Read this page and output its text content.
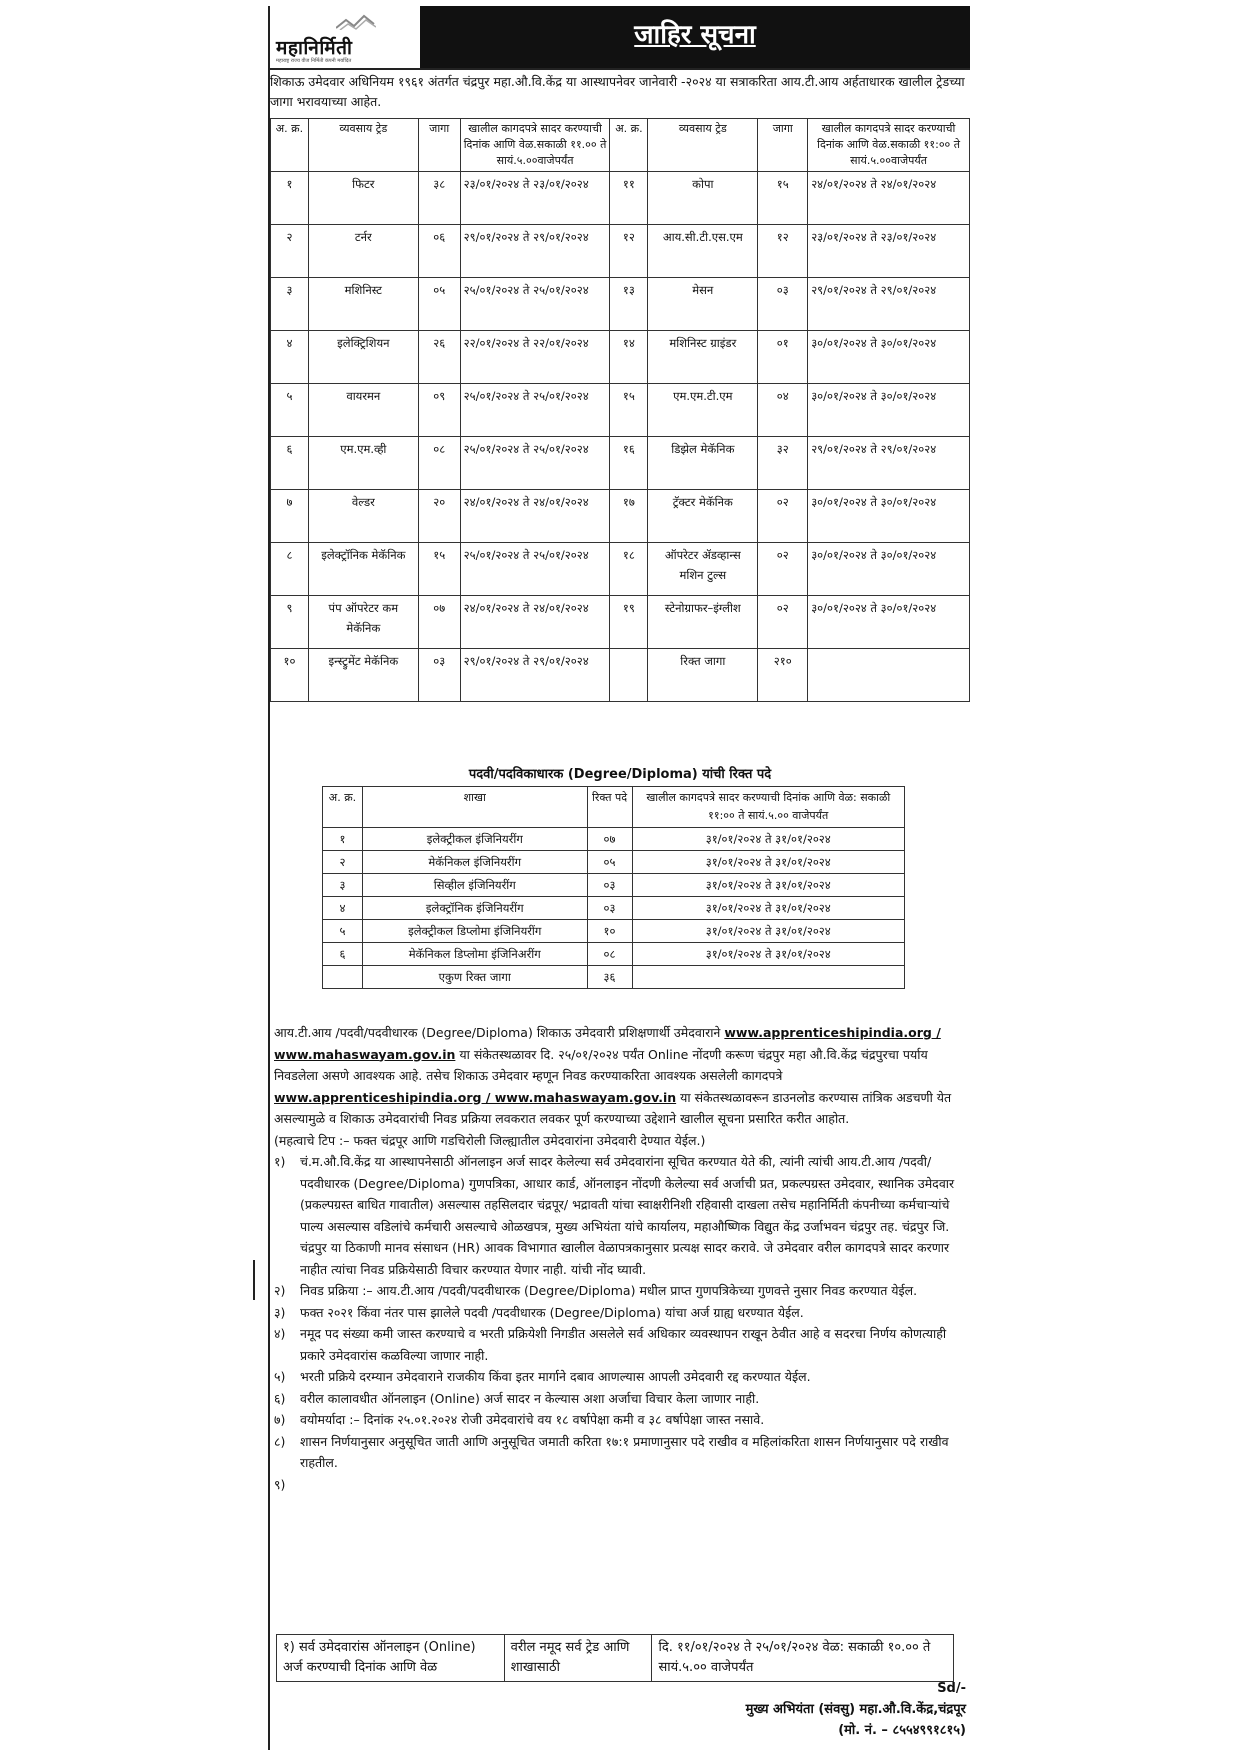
महानिर्मिती
महाराष्ट्र राज्य वीज निर्मिती कंपनी मर्यादित
जाहिर सूचना
शिकाऊ उमेदवार अधिनियम १९६१ अंतर्गत चंद्रपुर महा.औ.वि.केंद्र या आस्थापनेवर जानेवारी -२०२४ या सत्राकरिता आय.टी.आय अर्हताधारक खालील ट्रेडच्या जागा भरावयाच्या आहेत.
अ. क्र.	व्यवसाय ट्रेड	जागा	खालील कागदपत्रे सादर करण्याची दिनांक आणि वेळ.सकाळी ११.०० ते सायं.५.००वाजेपर्यंत	अ. क्र.	व्यवसाय ट्रेड	जागा	खालील कागदपत्रे सादर करण्याची दिनांक आणि वेळ.सकाळी ११:०० ते सायं.५.००वाजेपर्यंत
१	फिटर	३८	२३/०१/२०२४ ते २३/०१/२०२४	११	कोपा	१५	२४/०१/२०२४ ते २४/०१/२०२४
२	टर्नर	०६	२९/०१/२०२४ ते २९/०१/२०२४	१२	आय.सी.टी.एस.एम	१२	२३/०१/२०२४ ते २३/०१/२०२४
३	मशिनिस्ट	०५	२५/०१/२०२४ ते २५/०१/२०२४	१३	मेसन	०३	२९/०१/२०२४ ते २९/०१/२०२४
४	इलेक्ट्रिशियन	२६	२२/०१/२०२४ ते २२/०१/२०२४	१४	मशिनिस्ट ग्राइंडर	०१	३०/०१/२०२४ ते ३०/०१/२०२४
५	वायरमन	०९	२५/०१/२०२४ ते २५/०१/२०२४	१५	एम.एम.टी.एम	०४	३०/०१/२०२४ ते ३०/०१/२०२४
६	एम.एम.व्ही	०८	२५/०१/२०२४ ते २५/०१/२०२४	१६	डिझेल मेकॅनिक	३२	२९/०१/२०२४ ते २९/०१/२०२४
७	वेल्डर	२०	२४/०१/२०२४ ते २४/०१/२०२४	१७	ट्रॅक्टर मेकॅनिक	०२	३०/०१/२०२४ ते ३०/०१/२०२४
८	इलेक्ट्रॉनिक मेकॅनिक	१५	२५/०१/२०२४ ते २५/०१/२०२४	१८	ऑपरेटर ॲडव्हान्स मशिन टुल्स	०२	३०/०१/२०२४ ते ३०/०१/२०२४
९	पंप ऑपरेटर कम मेकॅनिक	०७	२४/०१/२०२४ ते २४/०१/२०२४	१९	स्टेनोग्राफर–इंग्लीश	०२	३०/०१/२०२४ ते ३०/०१/२०२४
१०	इन्स्ट्रुमेंट मेकॅनिक	०३	२९/०१/२०२४ ते २९/०१/२०२४		रिक्त जागा	२१०	
पदवी/पदविकाधारक (Degree/Diploma) यांची रिक्त पदे
अ. क्र.	शाखा	रिक्त पदे	खालील कागदपत्रे सादर करण्याची दिनांक आणि वेळ: सकाळी ११:०० ते सायं.५.०० वाजेपर्यंत
१	इलेक्ट्रीकल इंजिनियरींग	०७	३१/०१/२०२४ ते ३१/०१/२०२४
२	मेकॅनिकल इंजिनियरींग	०५	३१/०१/२०२४ ते ३१/०१/२०२४
३	सिव्हील इंजिनियरींग	०३	३१/०१/२०२४ ते ३१/०१/२०२४
४	इलेक्ट्रॉनिक इंजिनियरींग	०३	३१/०१/२०२४ ते ३१/०१/२०२४
५	इलेक्ट्रीकल डिप्लोमा इंजिनियरींग	१०	३१/०१/२०२४ ते ३१/०१/२०२४
६	मेकॅनिकल डिप्लोमा इंजिनिअरींग	०८	३१/०१/२०२४ ते ३१/०१/२०२४
	एकुण रिक्त जागा	३६	

आय.टी.आय /पदवी/पदवीधारक (Degree/Diploma) शिकाऊ उमेदवारी प्रशिक्षणार्थी उमेदवाराने www.apprenticeshipindia.org / www.mahaswayam.gov.in या संकेतस्थळावर दि. २५/०१/२०२४ पर्यंत Online नोंदणी करूण चंद्रपुर महा औ.वि.केंद्र चंद्रपुरचा पर्याय निवडलेला असणे आवश्यक आहे. तसेच शिकाऊ उमेदवार म्हणून निवड करण्याकरिता आवश्यक असलेली कागदपत्रे www.apprenticeshipindia.org / www.mahaswayam.gov.in या संकेतस्थळावरून डाउनलोड करण्यास तांत्रिक अडचणी येत असल्यामुळे व शिकाऊ उमेदवारांची निवड प्रक्रिया लवकरात लवकर पूर्ण करण्याच्या उद्देशाने खालील सूचना प्रसारित करीत आहोत.

(महत्वाचे टिप :– फक्त चंद्रपूर आणि गडचिरोली जिल्ह्यातील उमेदवारांना उमेदवारी देण्यात येईल.)

१) चं.म.औ.वि.केंद्र या आस्थापनेसाठी ऑनलाइन अर्ज सादर केलेल्या सर्व उमेदवारांना सूचित करण्यात येते की, त्यांनी त्यांची आय.टी.आय /पदवी/पदवीधारक (Degree/Diploma) गुणपत्रिका, आधार कार्ड, ऑनलाइन नोंदणी केलेल्या सर्व अर्जाची प्रत, प्रकल्पग्रस्त उमेदवार, स्थानिक उमेदवार (प्रकल्पग्रस्त बाधित गावातील) असल्यास तहसिलदार चंद्रपूर/ भद्रावती यांचा स्वाक्षरीनिशी रहिवासी दाखला तसेच महानिर्मिती कंपनीच्या कर्मचाऱ्यांचे पाल्य असल्यास वडिलांचे कर्मचारी असल्याचे ओळखपत्र, मुख्य अभियंता यांचे कार्यालय, महाऔष्णिक विद्युत केंद्र उर्जाभवन चंद्रपुर तह. चंद्रपुर जि. चंद्रपुर या ठिकाणी मानव संसाधन (HR) आवक विभागात खालील वेळापत्रकानुसार प्रत्यक्ष सादर करावे. जे उमेदवार वरील कागदपत्रे सादर करणार नाहीत त्यांचा निवड प्रक्रियेसाठी विचार करण्यात येणार नाही. यांची नोंद घ्यावी.
२) निवड प्रक्रिया :– आय.टी.आय /पदवी/पदवीधारक (Degree/Diploma) मधील प्राप्त गुणपत्रिकेच्या गुणवत्ते नुसार निवड करण्यात येईल.
३) फक्त २०२१ किंवा नंतर पास झालेले पदवी /पदवीधारक (Degree/Diploma) यांचा अर्ज ग्राह्य धरण्यात येईल.
४) नमूद पद संख्या कमी जास्त करण्याचे व भरती प्रक्रियेशी निगडीत असलेले सर्व अधिकार व्यवस्थापन राखून ठेवीत आहे व सदरचा निर्णय कोणत्याही प्रकारे उमेदवारांस कळविल्या जाणार नाही.
५) भरती प्रक्रिये दरम्यान उमेदवाराने राजकीय किंवा इतर मार्गाने दबाव आणल्यास आपली उमेदवारी रद्द करण्यात येईल.
६) वरील कालावधीत ऑनलाइन (Online) अर्ज सादर न केल्यास अशा अर्जाचा विचार केला जाणार नाही.
७) वयोमर्यादा :– दिनांक २५.०१.२०२४ रोजी उमेदवारांचे वय १८ वर्षापेक्षा कमी व ३८ वर्षापेक्षा जास्त नसावे.
८) शासन निर्णयानुसार अनुसूचित जाती आणि अनुसूचित जमाती करिता १७:१ प्रमाणानुसार पदे राखीव व महिलांकरिता शासन निर्णयानुसार पदे राखीव राहतील.
९)
१) सर्व उमेदवारांस ऑनलाइन (Online) अर्ज करण्याची दिनांक आणि वेळ	वरील नमूद सर्व ट्रेड आणि शाखासाठी	दि. ११/०१/२०२४ ते २५/०१/२०२४ वेळ: सकाळी १०.०० ते सायं.५.०० वाजेपर्यंत
Sd/-
मुख्य अभियंता (संवसु) महा.औ.वि.केंद्र,चंद्रपूर
(मो. नं. – ८५५४९९१८१५)
